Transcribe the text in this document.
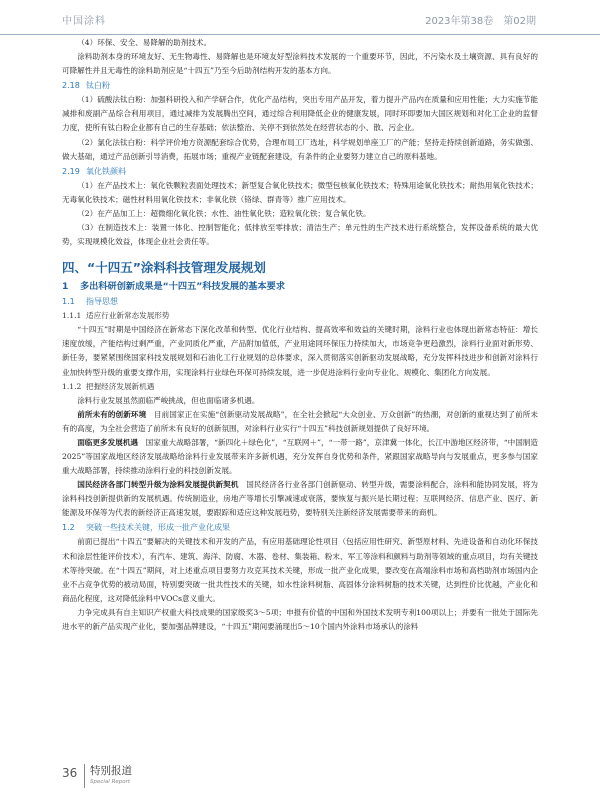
中国涂料	2023年第38卷　第02期

（4）环保、安全、易降解的助剂技术。

涂料助剂本身的环境友好、无生物毒性、易降解也是环境友好型涂料技术发展的一个重要环节，因此，不污染水及土壤资源、具有良好的可降解性并且无毒性的涂料助剂应是“十四五”乃至今后助剂结构开发的基本方向。

2.18 钛白粉

（1）硫酸法钛白粉：加强科研投入和产学研合作，优化产品结构，突出专用产品开发，着力提升产品内在质量和应用性能；大力实施节能减排和废副产品综合利用项目，通过减排为发展腾出空间，通过综合利用降低企业的健康发展，同时环即要加大国区规划和对化工企业的监督力度，使所有钛白粉企业都有自己的生存基础；依法整治、关停不到依然处在经营状态的小、散、污企业。

（2）氯化法钛白粉：科学评价地方资源配套综合优势，合理布局工厂选址，科学规划单座工厂的产能；坚持走持续创新道路，务实做强、做大基础，通过产品创新引导消费，拓展市场；重视产业链配套建设，有条件的企业要努力建立自己的原料基地。

2.19 氧化铁颜料

（1）在产品技术上：氧化铁颗粒表面处理技术；新型复合氧化铁技术；微型包核氧化铁技术；特殊用途氧化铁技术；耐热用氧化铁技术；无毒氧化铁技术；磁性材料用氧化铁技术；非氧化铁（铬绿、群青等）推广应用技术。

（2）在产品加工上：超微细化氧化铁；水性、油性氧化铁；造粒氧化铁；复合氧化铁。

（3）在制造技术上：装置一体化、控制智能化；低排放至零排放；清洁生产；单元性的生产技术进行系统整合，发挥设备系统的最大优势，实现规模化效益，体现企业社会责任等。

四、“十四五”涂料科技管理发展规划
1 多出科研创新成果是“十四五”科技发展的基本要求
1.1 指导思想
1.1.1 适应行业新常态发展形势

“十四五”时期是中国经济在新常态下深化改革和转型、优化行业结构、提高效率和效益的关键时期，涂料行业也体现出新常态特征：增长速度放缓，产能结构过剩严重，产业同质化严重，产品附加值低，产业用途同环保压力持续加大，市场竞争更趋激烈，涂料行业面对新形势、新任务，要紧紧围绕国家科技发展规划和石油化工行业规划的总体要求，深入贯彻落实创新驱动发展战略，充分发挥科技进步和创新对涂料行业加快转型升级的重要支撑作用，实现涂料行业绿色环保可持续发展，进一步促进涂料行业向专业化、规模化、集团化方向发展。

1.1.2 把握经济发展新机遇

涂料行业发展虽然面临严峻挑战，但也面临诸多机遇。

前所未有的创新环境　目前国家正在实施“创新驱动发展战略”，在全社会掀起“大众创业、万众创新”的热潮，对创新的重视达到了前所未有的高度，为全社会营造了前所未有良好的创新氛围，对涂料行业实行“十四五”科技创新规划提供了良好环境。

面临更多发展机遇　国家重大战略部署，“新四化＋绿色化”，“互联网＋”，“一带一路”，京津冀一体化，长江中游地区经济带，“中国制造2025”等国家战地区经济发展战略给涂料行业发展带来许多新机遇，充分发挥自身优势和条件，紧跟国家战略导向与发展重点，更多参与国家重大战略部署，持续推动涂料行业的科技创新发展。

国民经济各部门转型升级为涂料发展提供新契机　国民经济各行业各部门创新驱动、转型升级，需要涂料配合，涂料和能协同发展，将为涂料科技创新提供新的发展机遇。传统制造业，房地产等增长引擎减速或衰落，要恢复与振兴是长期过程；互联网经济、信息产业、医疗、新能源及环保等为代表的新经济正高速发展，要跟踪和适应这种发展趋势，要特别关注新经济发展需要带来的商机。

1.2 突破一些技术关键，形成一批产业化成果

前面已提出“十四五”要解决的关键技术和开发的产品，有应用基础理论性项目（包括应用性研究、新型原材料、先进设备和自动化环保技术和涂层性能评价技术），有汽车、建筑、海洋、防腐、木器、卷材、集装箱、粉末、军工等涂料和颜料与助剂等领域的重点项目，均有关键技术等待突破。在“十四五”期间，对上述重点项目要努力攻克其技术关键，形成一批产业化成果，要改变在高端涂料市场和高档助剂市场国内企业不占竞争优势的被动局面，特别要突破一批共性技术的关键，如水性涂料树脂、高固体分涂料树脂的技术关键，达到性价比优越，产业化和商品化程度，这对降低涂料中VOCs意义重大。

力争完成具有自主知识产权重大科技成果的国家级奖3～5项；申报有价值的中国和外国技术发明专利100项以上；并要有一批处于国际先进水平的新产品实现产业化，要加强品牌建设，“十四五”期间要涌现出5～10个国内外涂料市场承认的涂料

36 特别报道
Special Report
